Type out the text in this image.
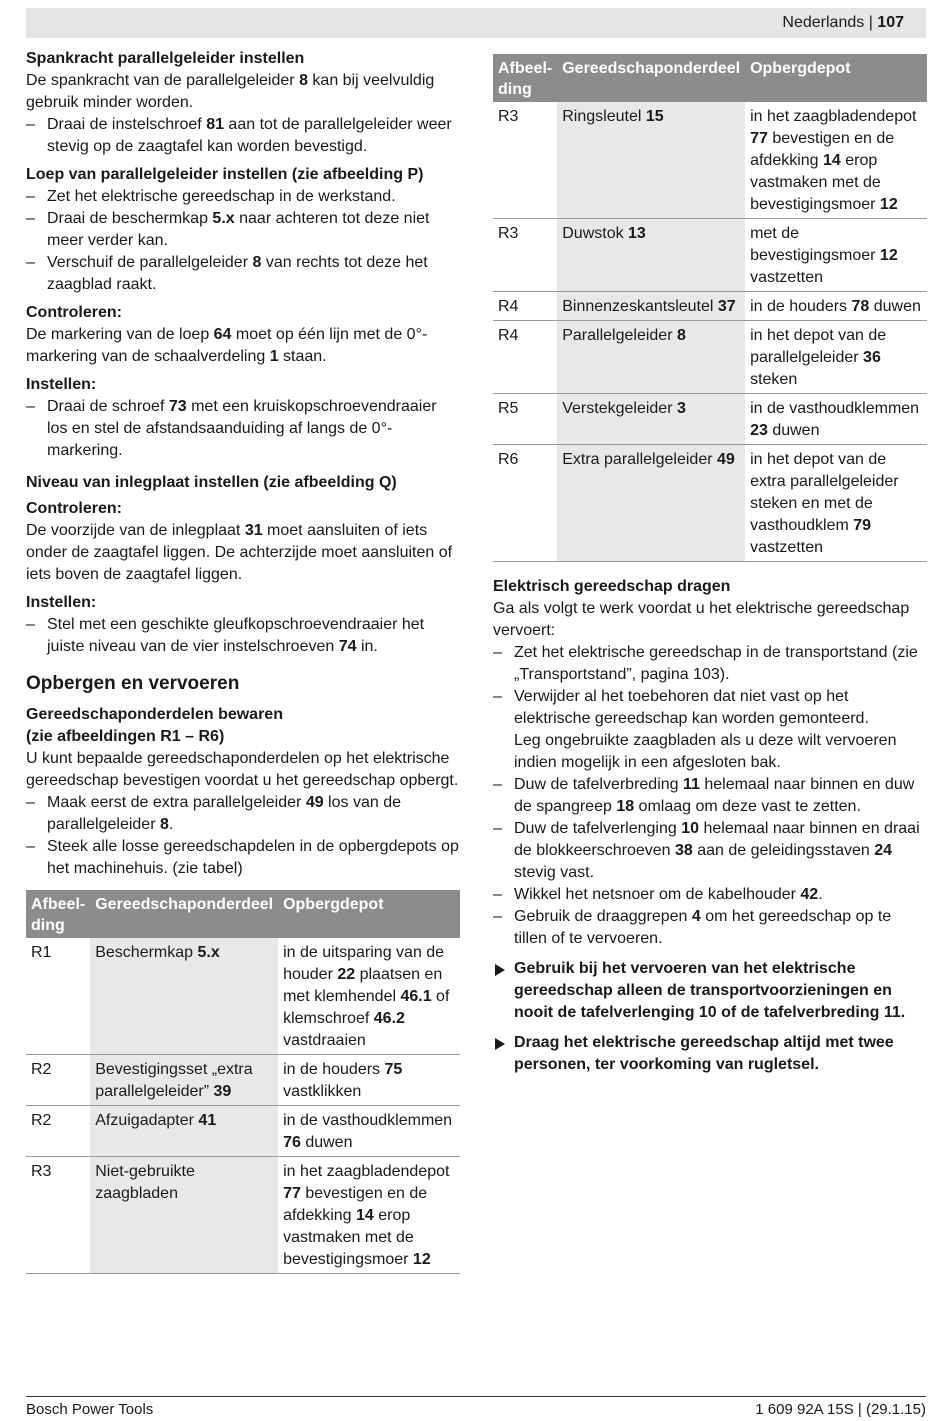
Nederlands | 107

Spankracht parallelgeleider instellen

De spankracht van de parallelgeleider 8 kan bij veelvuldig gebruik minder worden.

– Draai de instelschroef 81 aan tot de parallelgeleider weer stevig op de zaagtafel kan worden bevestigd.

Loep van parallelgeleider instellen (zie afbeelding P)

– Zet het elektrische gereedschap in de werkstand.
– Draai de beschermkap 5.x naar achteren tot deze niet meer verder kan.
– Verschuif de parallelgeleider 8 van rechts tot deze het zaagblad raakt.

Controleren:

De markering van de loep 64 moet op één lijn met de 0°-markering van de schaalverdeling 1 staan.

Instellen:

– Draai de schroef 73 met een kruiskopschroevendraaier los en stel de afstandsaanduiding af langs de 0°-markering.

Niveau van inlegplaat instellen (zie afbeelding Q)

Controleren:

De voorzijde van de inlegplaat 31 moet aansluiten of iets onder de zaagtafel liggen. De achterzijde moet aansluiten of iets boven de zaagtafel liggen.

Instellen:

– Stel met een geschikte gleufkopschroevendraaier het juiste niveau van de vier instelschroeven 74 in.

Opbergen en vervoeren

Gereedschaponderdelen bewaren

(zie afbeeldingen R1 – R6)

U kunt bepaalde gereedschaponderdelen op het elektrische gereedschap bevestigen voordat u het gereedschap opbergt.

– Maak eerst de extra parallelgeleider 49 los van de parallelgeleider 8.
– Steek alle losse gereedschapdelen in de opbergdepots op het machinehuis. (zie tabel)
Afbeel-ding	Gereedschaponderdeel	Opbergdepot
R1	Beschermkap 5.x	in de uitsparing van de houder 22 plaatsen en met klemhendel 46.1 of klemschroef 46.2 vastdraaien
R2	Bevestigingsset „extra parallelgeleider” 39	in de houders 75 vastklikken
R2	Afzuigadapter 41	in de vasthoudklemmen 76 duwen
R3	Niet-gebruikte zaagbladen	in het zaagbladendepot 77 bevestigen en de afdekking 14 erop vastmaken met de bevestigingsmoer 12
Afbeel-ding	Gereedschaponderdeel	Opbergdepot
R3	Ringsleutel 15	in het zaagbladendepot 77 bevestigen en de afdekking 14 erop vastmaken met de bevestigingsmoer 12
R3	Duwstok 13	met de bevestigingsmoer 12 vastzetten
R4	Binnenzeskantsleutel 37	in de houders 78 duwen
R4	Parallelgeleider 8	in het depot van de parallelgeleider 36 steken
R5	Verstekgeleider 3	in de vasthoudklemmen 23 duwen
R6	Extra parallelgeleider 49	in het depot van de extra parallelgeleider steken en met de vasthoudklem 79 vastzetten

Elektrisch gereedschap dragen

Ga als volgt te werk voordat u het elektrische gereedschap vervoert:

– Zet het elektrische gereedschap in de transportstand (zie „Transportstand”, pagina 103).
– Verwijder al het toebehoren dat niet vast op het elektrische gereedschap kan worden gemonteerd.
Leg ongebruikte zaagbladen als u deze wilt vervoeren indien mogelijk in een afgesloten bak.
– Duw de tafelverbreding 11 helemaal naar binnen en duw de spangreep 18 omlaag om deze vast te zetten.
– Duw de tafelverlenging 10 helemaal naar binnen en draai de blokkeerschroeven 38 aan de geleidingsstaven 24 stevig vast.
– Wikkel het netsnoer om de kabelhouder 42.
– Gebruik de draaggrepen 4 om het gereedschap op te tillen of te vervoeren.
Gebruik bij het vervoeren van het elektrische gereedschap alleen de transportvoorzieningen en nooit de tafelverlenging 10 of de tafelverbreding 11.
Draag het elektrische gereedschap altijd met twee personen, ter voorkoming van rugletsel.
Bosch Power Tools	1 609 92A 15S | (29.1.15)
